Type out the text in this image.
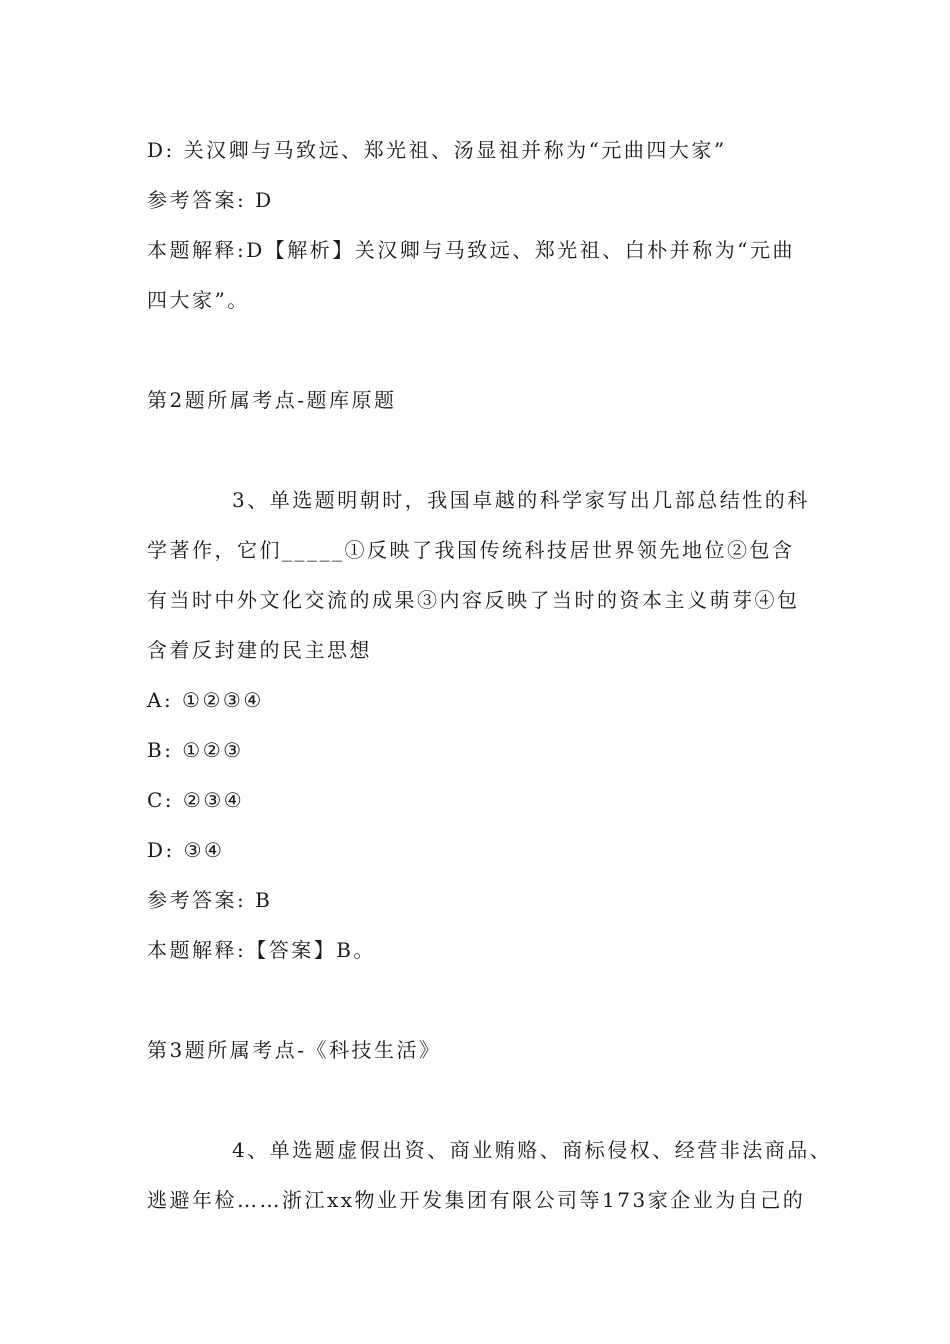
D: 关汉卿与马致远、郑光祖、汤显祖并称为“元曲四大家”
参考答案: D
本题解释:D【解析】关汉卿与马致远、郑光祖、白朴并称为“元曲
四大家”。
第2题所属考点-题库原题
3、单选题明朝时，我国卓越的科学家写出几部总结性的科
学著作，它们_____①反映了我国传统科技居世界领先地位②包含
有当时中外文化交流的成果③内容反映了当时的资本主义萌芽④包
含着反封建的民主思想
A: ①②③④
B: ①②③
C: ②③④
D: ③④
参考答案: B
本题解释:【答案】B。
第3题所属考点-《科技生活》
4、单选题虚假出资、商业贿赂、商标侵权、经营非法商品、
逃避年检……浙江xx物业开发集团有限公司等173家企业为自己的
